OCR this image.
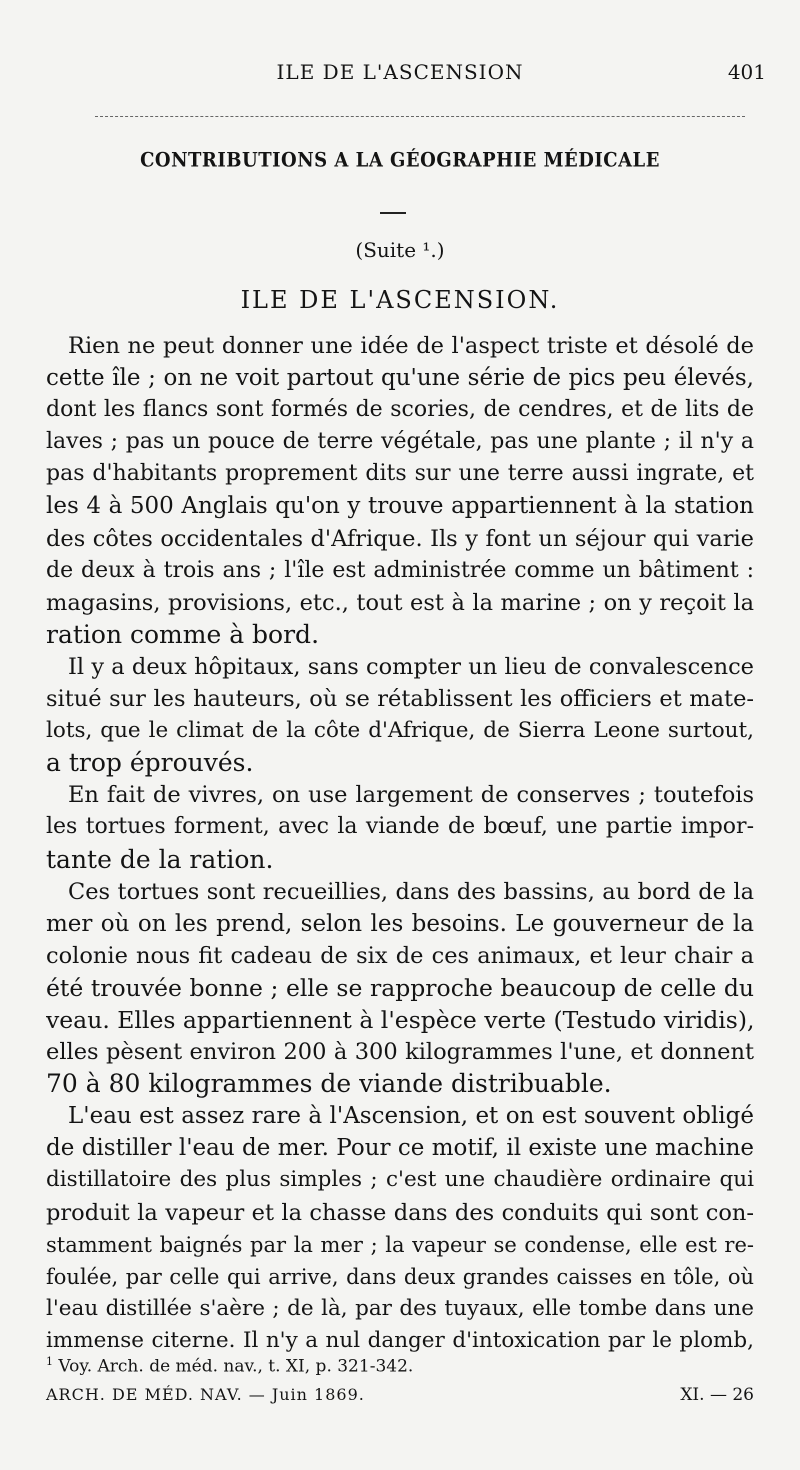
ILE DE L'ASCENSION	401
CONTRIBUTIONS A LA GÉOGRAPHIE MÉDICALE
(Suite ¹.)
ILE DE L'ASCENSION.
Rien ne peut donner une idée de l'aspect triste et désolé de
cette île ; on ne voit partout qu'une série de pics peu élevés,
dont les flancs sont formés de scories, de cendres, et de lits de
laves ; pas un pouce de terre végétale, pas une plante ; il n'y a
pas d'habitants proprement dits sur une terre aussi ingrate, et
les 4 à 500 Anglais qu'on y trouve appartiennent à la station
des côtes occidentales d'Afrique. Ils y font un séjour qui varie
de deux à trois ans ; l'île est administrée comme un bâtiment :
magasins, provisions, etc., tout est à la marine ; on y reçoit la
ration comme à bord.
Il y a deux hôpitaux, sans compter un lieu de convalescence
situé sur les hauteurs, où se rétablissent les officiers et mate-
lots, que le climat de la côte d'Afrique, de Sierra Leone surtout,
a trop éprouvés.
En fait de vivres, on use largement de conserves ; toutefois
les tortues forment, avec la viande de bœuf, une partie impor-
tante de la ration.
Ces tortues sont recueillies, dans des bassins, au bord de la
mer où on les prend, selon les besoins. Le gouverneur de la
colonie nous fit cadeau de six de ces animaux, et leur chair a
été trouvée bonne ; elle se rapproche beaucoup de celle du
veau. Elles appartiennent à l'espèce verte (Testudo viridis),
elles pèsent environ 200 à 300 kilogrammes l'une, et donnent
70 à 80 kilogrammes de viande distribuable.
L'eau est assez rare à l'Ascension, et on est souvent obligé
de distiller l'eau de mer. Pour ce motif, il existe une machine
distillatoire des plus simples ; c'est une chaudière ordinaire qui
produit la vapeur et la chasse dans des conduits qui sont con-
stamment baignés par la mer ; la vapeur se condense, elle est re-
foulée, par celle qui arrive, dans deux grandes caisses en tôle, où
l'eau distillée s'aère ; de là, par des tuyaux, elle tombe dans une
immense citerne. Il n'y a nul danger d'intoxication par le plomb,
$^1$ Voy. Arch. de méd. nav., t. XI, p. 321-342.
ARCH. DE MÉD. NAV. — Juin 1869.	XI. — 26
